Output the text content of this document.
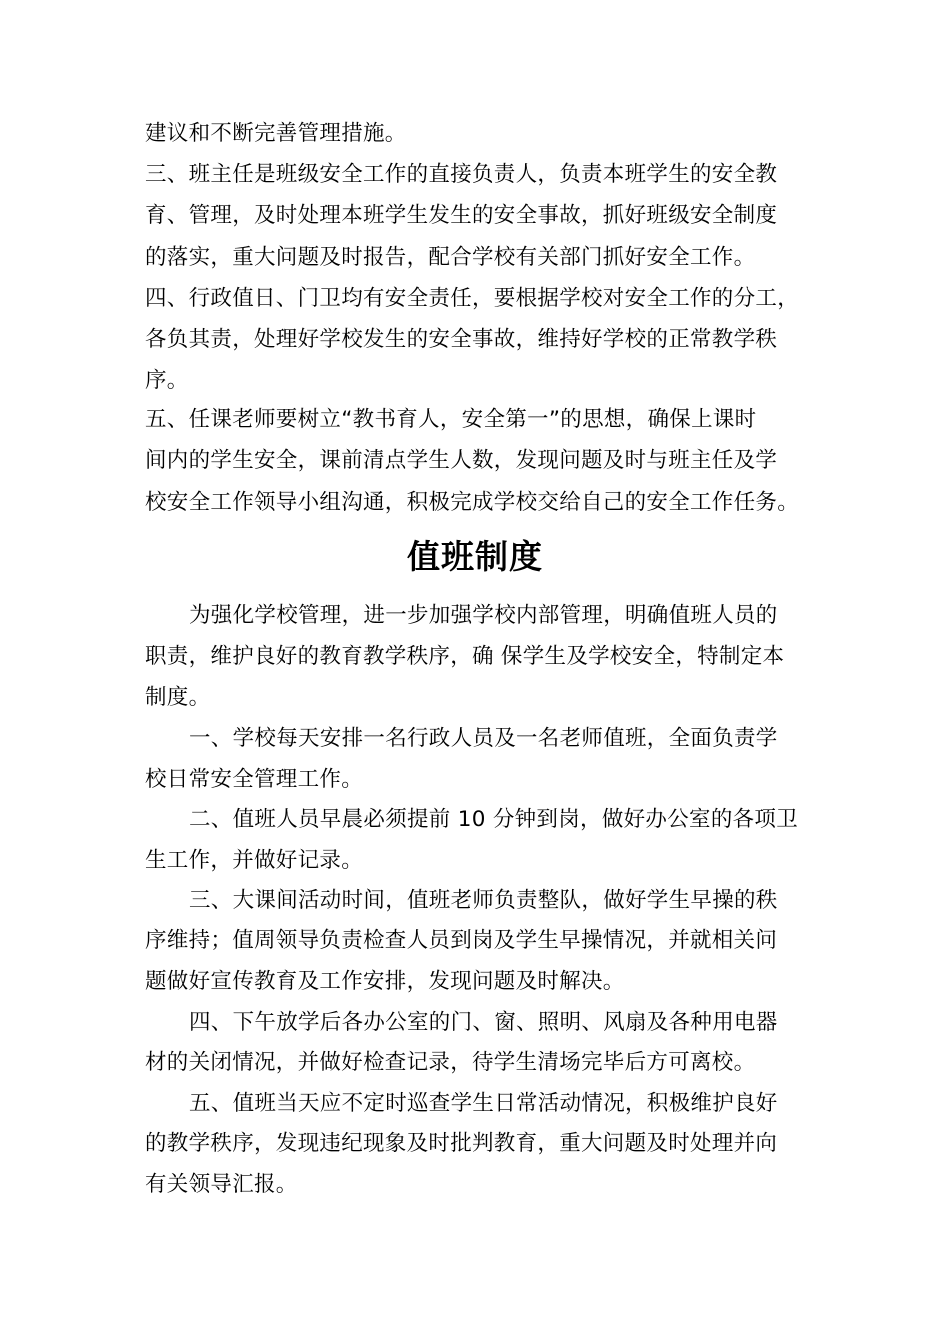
建议和不断完善管理措施。
三、班主任是班级安全工作的直接负责人，负责本班学生的安全教
育、管理，及时处理本班学生发生的安全事故，抓好班级安全制度
的落实，重大问题及时报告，配合学校有关部门抓好安全工作。
四、行政值日、门卫均有安全责任，要根据学校对安全工作的分工，
各负其责，处理好学校发生的安全事故，维持好学校的正常教学秩
序。
五、任课老师要树立“教书育人，安全第一”的思想，确保上课时
间内的学生安全，课前清点学生人数，发现问题及时与班主任及学
校安全工作领导小组沟通，积极完成学校交给自己的安全工作任务。
值班制度
为强化学校管理，进一步加强学校内部管理，明确值班人员的
职责，维护良好的教育教学秩序，确 保学生及学校安全，特制定本
制度。
一、学校每天安排一名行政人员及一名老师值班，全面负责学
校日常安全管理工作。
二、值班人员早晨必须提前 10 分钟到岗，做好办公室的各项卫
生工作，并做好记录。
三、大课间活动时间，值班老师负责整队，做好学生早操的秩
序维持；值周领导负责检查人员到岗及学生早操情况，并就相关问
题做好宣传教育及工作安排，发现问题及时解决。
四、下午放学后各办公室的门、窗、照明、风扇及各种用电器
材的关闭情况，并做好检查记录，待学生清场完毕后方可离校。
五、值班当天应不定时巡查学生日常活动情况，积极维护良好
的教学秩序，发现违纪现象及时批判教育，重大问题及时处理并向
有关领导汇报。
